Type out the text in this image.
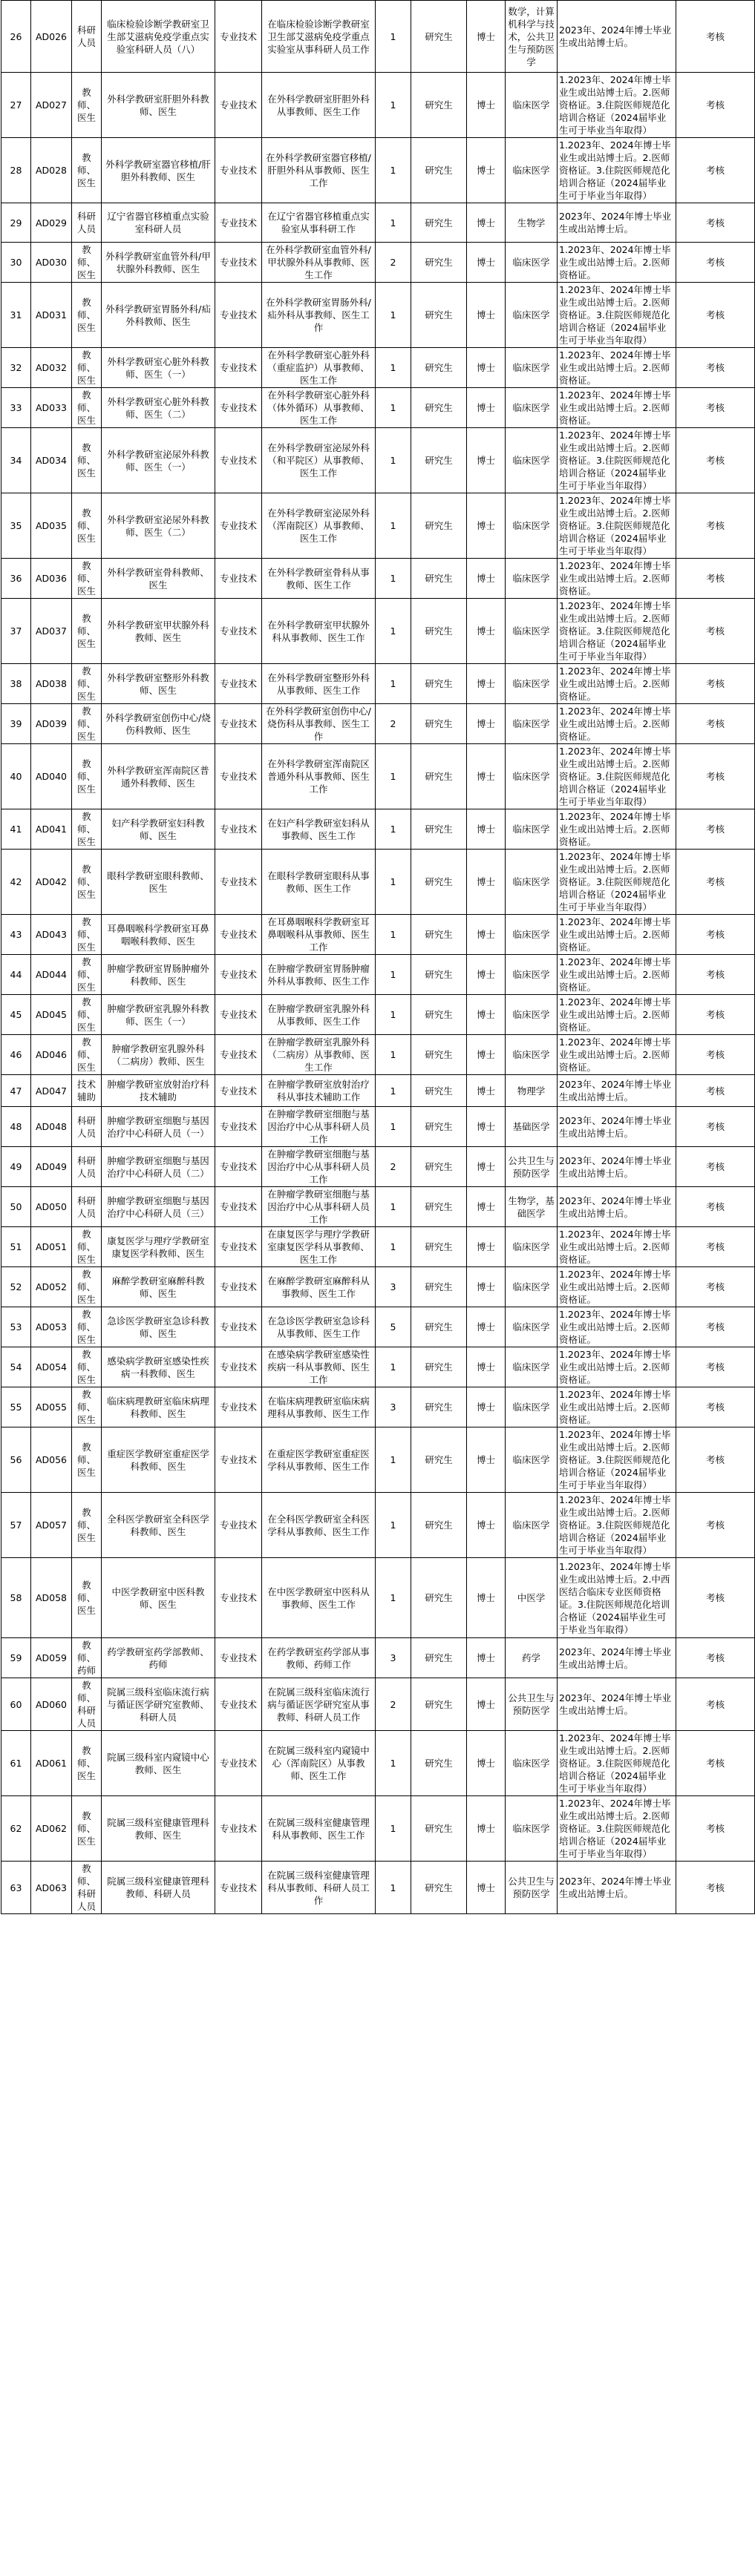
26	AD026	科研人员	临床检验诊断学教研室卫生部艾滋病免疫学重点实验室科研人员（八）	专业技术	在临床检验诊断学教研室卫生部艾滋病免疫学重点实验室从事科研人员工作	1	研究生	博士	数学，计算机科学与技术，公共卫生与预防医学	2023年、2024年博士毕业生或出站博士后。	考核
27	AD027	教师、医生	外科学教研室肝胆外科教师、医生	专业技术	在外科学教研室肝胆外科从事教师、医生工作	1	研究生	博士	临床医学	1.2023年、2024年博士毕业生或出站博士后。2.医师资格证。3.住院医师规范化培训合格证（2024届毕业生可于毕业当年取得）	考核
28	AD028	教师、医生	外科学教研室器官移植/肝胆外科教师、医生	专业技术	在外科学教研室器官移植/肝胆外科从事教师、医生工作	1	研究生	博士	临床医学	1.2023年、2024年博士毕业生或出站博士后。2.医师资格证。3.住院医师规范化培训合格证（2024届毕业生可于毕业当年取得）	考核
29	AD029	科研人员	辽宁省器官移植重点实验室科研人员	专业技术	在辽宁省器官移植重点实验室从事科研工作	1	研究生	博士	生物学	2023年、2024年博士毕业生或出站博士后。	考核
30	AD030	教师、医生	外科学教研室血管外科/甲状腺外科教师、医生	专业技术	在外科学教研室血管外科/甲状腺外科从事教师、医生工作	2	研究生	博士	临床医学	1.2023年、2024年博士毕业生或出站博士后。2.医师资格证。	考核
31	AD031	教师、医生	外科学教研室胃肠外科/疝外科教师、医生	专业技术	在外科学教研室胃肠外科/疝外科从事教师、医生工作	1	研究生	博士	临床医学	1.2023年、2024年博士毕业生或出站博士后。2.医师资格证。3.住院医师规范化培训合格证（2024届毕业生可于毕业当年取得）	考核
32	AD032	教师、医生	外科学教研室心脏外科教师、医生（一）	专业技术	在外科学教研室心脏外科（重症监护）从事教师、医生工作	1	研究生	博士	临床医学	1.2023年、2024年博士毕业生或出站博士后。2.医师资格证。	考核
33	AD033	教师、医生	外科学教研室心脏外科教师、医生（二）	专业技术	在外科学教研室心脏外科（体外循环）从事教师、医生工作	1	研究生	博士	临床医学	1.2023年、2024年博士毕业生或出站博士后。2.医师资格证。	考核
34	AD034	教师、医生	外科学教研室泌尿外科教师、医生（一）	专业技术	在外科学教研室泌尿外科（和平院区）从事教师、医生工作	1	研究生	博士	临床医学	1.2023年、2024年博士毕业生或出站博士后。2.医师资格证。3.住院医师规范化培训合格证（2024届毕业生可于毕业当年取得）	考核
35	AD035	教师、医生	外科学教研室泌尿外科教师、医生（二）	专业技术	在外科学教研室泌尿外科（浑南院区）从事教师、医生工作	1	研究生	博士	临床医学	1.2023年、2024年博士毕业生或出站博士后。2.医师资格证。3.住院医师规范化培训合格证（2024届毕业生可于毕业当年取得）	考核
36	AD036	教师、医生	外科学教研室骨科教师、医生	专业技术	在外科学教研室骨科从事教师、医生工作	1	研究生	博士	临床医学	1.2023年、2024年博士毕业生或出站博士后。2.医师资格证。	考核
37	AD037	教师、医生	外科学教研室甲状腺外科教师、医生	专业技术	在外科学教研室甲状腺外科从事教师、医生工作	1	研究生	博士	临床医学	1.2023年、2024年博士毕业生或出站博士后。2.医师资格证。3.住院医师规范化培训合格证（2024届毕业生可于毕业当年取得）	考核
38	AD038	教师、医生	外科学教研室整形外科教师、医生	专业技术	在外科学教研室整形外科从事教师、医生工作	1	研究生	博士	临床医学	1.2023年、2024年博士毕业生或出站博士后。2.医师资格证。	考核
39	AD039	教师、医生	外科学教研室创伤中心/烧伤科教师、医生	专业技术	在外科学教研室创伤中心/烧伤科从事教师、医生工作	2	研究生	博士	临床医学	1.2023年、2024年博士毕业生或出站博士后。2.医师资格证。	考核
40	AD040	教师、医生	外科学教研室浑南院区普通外科教师、医生	专业技术	在外科学教研室浑南院区普通外科从事教师、医生工作	1	研究生	博士	临床医学	1.2023年、2024年博士毕业生或出站博士后。2.医师资格证。3.住院医师规范化培训合格证（2024届毕业生可于毕业当年取得）	考核
41	AD041	教师、医生	妇产科学教研室妇科教师、医生	专业技术	在妇产科学教研室妇科从事教师、医生工作	1	研究生	博士	临床医学	1.2023年、2024年博士毕业生或出站博士后。2.医师资格证。	考核
42	AD042	教师、医生	眼科学教研室眼科教师、医生	专业技术	在眼科学教研室眼科从事教师、医生工作	1	研究生	博士	临床医学	1.2023年、2024年博士毕业生或出站博士后。2.医师资格证。3.住院医师规范化培训合格证（2024届毕业生可于毕业当年取得）	考核
43	AD043	教师、医生	耳鼻咽喉科学教研室耳鼻咽喉科教师、医生	专业技术	在耳鼻咽喉科学教研室耳鼻咽喉科从事教师、医生工作	1	研究生	博士	临床医学	1.2023年、2024年博士毕业生或出站博士后。2.医师资格证。	考核
44	AD044	教师、医生	肿瘤学教研室胃肠肿瘤外科教师、医生	专业技术	在肿瘤学教研室胃肠肿瘤外科从事教师、医生工作	1	研究生	博士	临床医学	1.2023年、2024年博士毕业生或出站博士后。2.医师资格证。	考核
45	AD045	教师、医生	肿瘤学教研室乳腺外科教师、医生（一）	专业技术	在肿瘤学教研室乳腺外科从事教师、医生工作	1	研究生	博士	临床医学	1.2023年、2024年博士毕业生或出站博士后。2.医师资格证。	考核
46	AD046	教师、医生	肿瘤学教研室乳腺外科（二病房）教师、医生	专业技术	在肿瘤学教研室乳腺外科（二病房）从事教师、医生工作	1	研究生	博士	临床医学	1.2023年、2024年博士毕业生或出站博士后。2.医师资格证。	考核
47	AD047	技术辅助	肿瘤学教研室放射治疗科技术辅助	专业技术	在肿瘤学教研室放射治疗科从事技术辅助工作	1	研究生	博士	物理学	2023年、2024年博士毕业生或出站博士后。	考核
48	AD048	科研人员	肿瘤学教研室细胞与基因治疗中心科研人员（一）	专业技术	在肿瘤学教研室细胞与基因治疗中心从事科研人员工作	1	研究生	博士	基础医学	2023年、2024年博士毕业生或出站博士后。	考核
49	AD049	科研人员	肿瘤学教研室细胞与基因治疗中心科研人员（二）	专业技术	在肿瘤学教研室细胞与基因治疗中心从事科研人员工作	2	研究生	博士	公共卫生与预防医学	2023年、2024年博士毕业生或出站博士后。	考核
50	AD050	科研人员	肿瘤学教研室细胞与基因治疗中心科研人员（三）	专业技术	在肿瘤学教研室细胞与基因治疗中心从事科研人员工作	1	研究生	博士	生物学，基础医学	2023年、2024年博士毕业生或出站博士后。	考核
51	AD051	教师、医生	康复医学与理疗学教研室康复医学科教师、医生	专业技术	在康复医学与理疗学教研室康复医学科从事教师、医生工作	1	研究生	博士	临床医学	1.2023年、2024年博士毕业生或出站博士后。2.医师资格证。	考核
52	AD052	教师、医生	麻醉学教研室麻醉科教师、医生	专业技术	在麻醉学教研室麻醉科从事教师、医生工作	3	研究生	博士	临床医学	1.2023年、2024年博士毕业生或出站博士后。2.医师资格证。	考核
53	AD053	教师、医生	急诊医学教研室急诊科教师、医生	专业技术	在急诊医学教研室急诊科从事教师、医生工作	5	研究生	博士	临床医学	1.2023年、2024年博士毕业生或出站博士后。2.医师资格证。	考核
54	AD054	教师、医生	感染病学教研室感染性疾病一科教师、医生	专业技术	在感染病学教研室感染性疾病一科从事教师、医生工作	1	研究生	博士	临床医学	1.2023年、2024年博士毕业生或出站博士后。2.医师资格证。	考核
55	AD055	教师、医生	临床病理教研室临床病理科教师、医生	专业技术	在临床病理教研室临床病理科从事教师、医生工作	3	研究生	博士	临床医学	1.2023年、2024年博士毕业生或出站博士后。2.医师资格证。	考核
56	AD056	教师、医生	重症医学教研室重症医学科教师、医生	专业技术	在重症医学教研室重症医学科从事教师、医生工作	1	研究生	博士	临床医学	1.2023年、2024年博士毕业生或出站博士后。2.医师资格证。3.住院医师规范化培训合格证（2024届毕业生可于毕业当年取得）	考核
57	AD057	教师、医生	全科医学教研室全科医学科教师、医生	专业技术	在全科医学教研室全科医学科从事教师、医生工作	1	研究生	博士	临床医学	1.2023年、2024年博士毕业生或出站博士后。2.医师资格证。3.住院医师规范化培训合格证（2024届毕业生可于毕业当年取得）	考核
58	AD058	教师、医生	中医学教研室中医科教师、医生	专业技术	在中医学教研室中医科从事教师、医生工作	1	研究生	博士	中医学	1.2023年、2024年博士毕业生或出站博士后。2.中西医结合临床专业医师资格证。3.住院医师规范化培训合格证（2024届毕业生可于毕业当年取得）	考核
59	AD059	教师、药师	药学教研室药学部教师、药师	专业技术	在药学教研室药学部从事教师、药师工作	3	研究生	博士	药学	2023年、2024年博士毕业生或出站博士后。	考核
60	AD060	教师、科研人员	院属三级科室临床流行病与循证医学研究室教师、科研人员	专业技术	在院属三级科室临床流行病与循证医学研究室从事教师、科研人员工作	2	研究生	博士	公共卫生与预防医学	2023年、2024年博士毕业生或出站博士后。	考核
61	AD061	教师、医生	院属三级科室内窥镜中心教师、医生	专业技术	在院属三级科室内窥镜中心（浑南院区）从事教师、医生工作	1	研究生	博士	临床医学	1.2023年、2024年博士毕业生或出站博士后。2.医师资格证。3.住院医师规范化培训合格证（2024届毕业生可于毕业当年取得）	考核
62	AD062	教师、医生	院属三级科室健康管理科教师、医生	专业技术	在院属三级科室健康管理科从事教师、医生工作	1	研究生	博士	临床医学	1.2023年、2024年博士毕业生或出站博士后。2.医师资格证。3.住院医师规范化培训合格证（2024届毕业生可于毕业当年取得）	考核
63	AD063	教师、科研人员	院属三级科室健康管理科教师、科研人员	专业技术	在院属三级科室健康管理科从事教师、科研人员工作	1	研究生	博士	公共卫生与预防医学	2023年、2024年博士毕业生或出站博士后。	考核
